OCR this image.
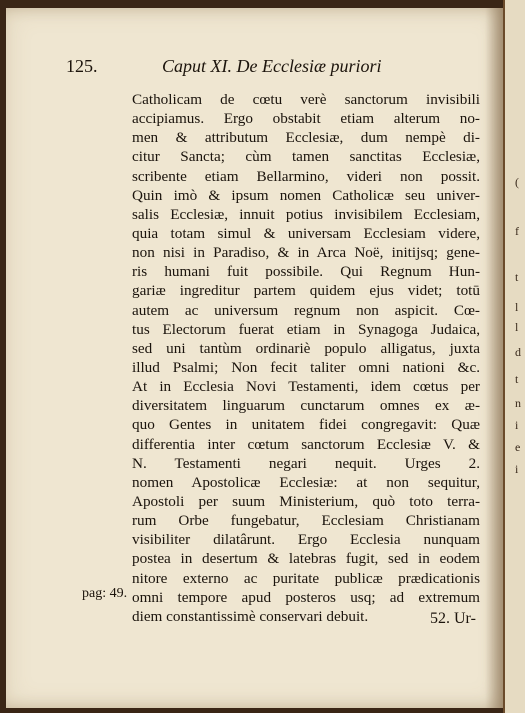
(
f
t
l
l
d
t
n
i
e
i
125.	Caput XI. De Ecclesiæ puriori
Catholicam de cœtu verè sanctorum invisibili
accipiamus. Ergo obstabit etiam alterum no-
men & attributum Ecclesiæ, dum nempè di-
citur Sancta; cùm tamen sanctitas Ecclesiæ,
scribente etiam Bellarmino, videri non possit.
Quin imò & ipsum nomen Catholicæ seu univer-
salis Ecclesiæ, innuit potius invisibilem Ecclesiam,
quia totam simul & universam Ecclesiam videre,
non nisi in Paradiso, & in Arca Noë, initijsq; gene-
ris humani fuit possibile. Qui Regnum Hun-
gariæ ingreditur partem quidem ejus videt; totū
autem ac universum regnum non aspicit. Cœ-
tus Electorum fuerat etiam in Synagoga Judaica,
sed uni tantùm ordinariè populo alligatus, juxta
illud Psalmi; Non fecit taliter omni nationi &c.
At in Ecclesia Novi Testamenti, idem cœtus per
diversitatem linguarum cunctarum omnes ex æ-
quo Gentes in unitatem fidei congregavit: Quæ
differentia inter cœtum sanctorum Ecclesiæ V. &
N. Testamenti negari nequit. Urges 2.
nomen Apostolicæ Ecclesiæ: at non sequitur,
Apostoli per suum Ministerium, quò toto terra-
rum Orbe fungebatur, Ecclesiam Christianam
visibiliter dilatârunt. Ergo Ecclesia nunquam
postea in desertum & latebras fugit, sed in eodem
nitore externo ac puritate publicæ prædicationis
omni tempore apud posteros usq; ad extremum
diem constantissimè conservari debuit.
pag: 49.
52. Ur-
